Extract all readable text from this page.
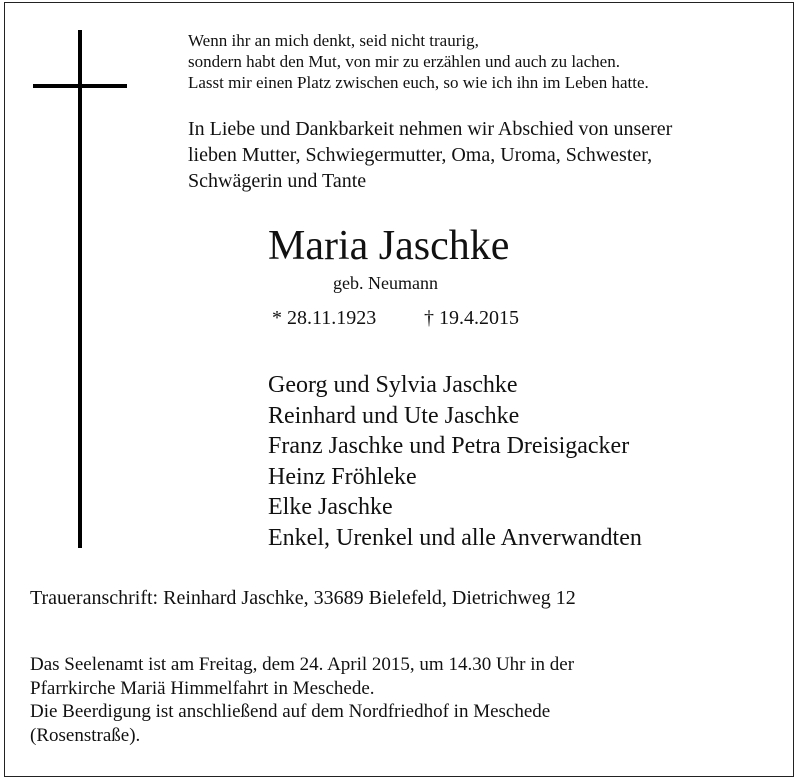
Wenn ihr an mich denkt, seid nicht traurig,
sondern habt den Mut, von mir zu erzählen und auch zu lachen.
Lasst mir einen Platz zwischen euch, so wie ich ihn im Leben hatte.
In Liebe und Dankbarkeit nehmen wir Abschied von unserer
lieben Mutter, Schwiegermutter, Oma, Uroma, Schwester,
Schwägerin und Tante
Maria Jaschke
geb. Neumann
* 28.11.1923 † 19.4.2015
Georg und Sylvia Jaschke
Reinhard und Ute Jaschke
Franz Jaschke und Petra Dreisigacker
Heinz Fröhleke
Elke Jaschke
Enkel, Urenkel und alle Anverwandten
Traueranschrift: Reinhard Jaschke, 33689 Bielefeld, Dietrichweg 12
Das Seelenamt ist am Freitag, dem 24. April 2015, um 14.30 Uhr in der
Pfarrkirche Mariä Himmelfahrt in Meschede.
Die Beerdigung ist anschließend auf dem Nordfriedhof in Meschede
(Rosenstraße).
